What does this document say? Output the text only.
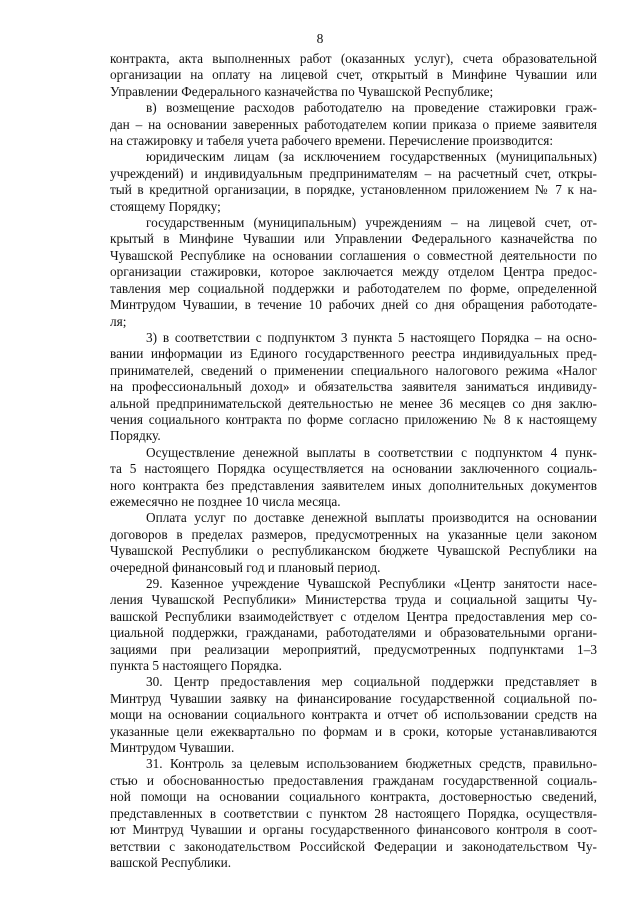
8
контракта, акта выполненных работ (оказанных услуг), счета образовательной
организации на оплату на лицевой счет, открытый в Минфине Чувашии или
Управлении Федерального казначейства по Чувашской Республике;
в) возмещение расходов работодателю на проведение стажировки граж-
дан – на основании заверенных работодателем копии приказа о приеме заявителя
на стажировку и табеля учета рабочего времени. Перечисление производится:
юридическим лицам (за исключением государственных (муниципальных)
учреждений) и индивидуальным предпринимателям – на расчетный счет, откры-
тый в кредитной организации, в порядке, установленном приложением № 7 к на-
стоящему Порядку;
государственным (муниципальным) учреждениям – на лицевой счет, от-
крытый в Минфине Чувашии или Управлении Федерального казначейства по
Чувашской Республике на основании соглашения о совместной деятельности по
организации стажировки, которое заключается между отделом Центра предос-
тавления мер социальной поддержки и работодателем по форме, определенной
Минтрудом Чувашии, в течение 10 рабочих дней со дня обращения работодате-
ля;
3) в соответствии с подпунктом 3 пункта 5 настоящего Порядка – на осно-
вании информации из Единого государственного реестра индивидуальных пред-
принимателей, сведений о применении специального налогового режима «Налог
на профессиональный доход» и обязательства заявителя заниматься индивиду-
альной предпринимательской деятельностью не менее 36 месяцев со дня заклю-
чения социального контракта по форме согласно приложению № 8 к настоящему
Порядку.
Осуществление денежной выплаты в соответствии с подпунктом 4 пунк-
та 5 настоящего Порядка осуществляется на основании заключенного социаль-
ного контракта без представления заявителем иных дополнительных документов
ежемесячно не позднее 10 числа месяца.
Оплата услуг по доставке денежной выплаты производится на основании
договоров в пределах размеров, предусмотренных на указанные цели законом
Чувашской Республики о республиканском бюджете Чувашской Республики на
очередной финансовый год и плановый период.
29. Казенное учреждение Чувашской Республики «Центр занятости насе-
ления Чувашской Республики» Министерства труда и социальной защиты Чу-
вашской Республики взаимодействует с отделом Центра предоставления мер со-
циальной поддержки, гражданами, работодателями и образовательными органи-
зациями при реализации мероприятий, предусмотренных подпунктами 1–3
пункта 5 настоящего Порядка.
30. Центр предоставления мер социальной поддержки представляет в
Минтруд Чувашии заявку на финансирование государственной социальной по-
мощи на основании социального контракта и отчет об использовании средств на
указанные цели ежеквартально по формам и в сроки, которые устанавливаются
Минтрудом Чувашии.
31. Контроль за целевым использованием бюджетных средств, правильно-
стью и обоснованностью предоставления гражданам государственной социаль-
ной помощи на основании социального контракта, достоверностью сведений,
представленных в соответствии с пунктом 28 настоящего Порядка, осуществля-
ют Минтруд Чувашии и органы государственного финансового контроля в соот-
ветствии с законодательством Российской Федерации и законодательством Чу-
вашской Республики.
